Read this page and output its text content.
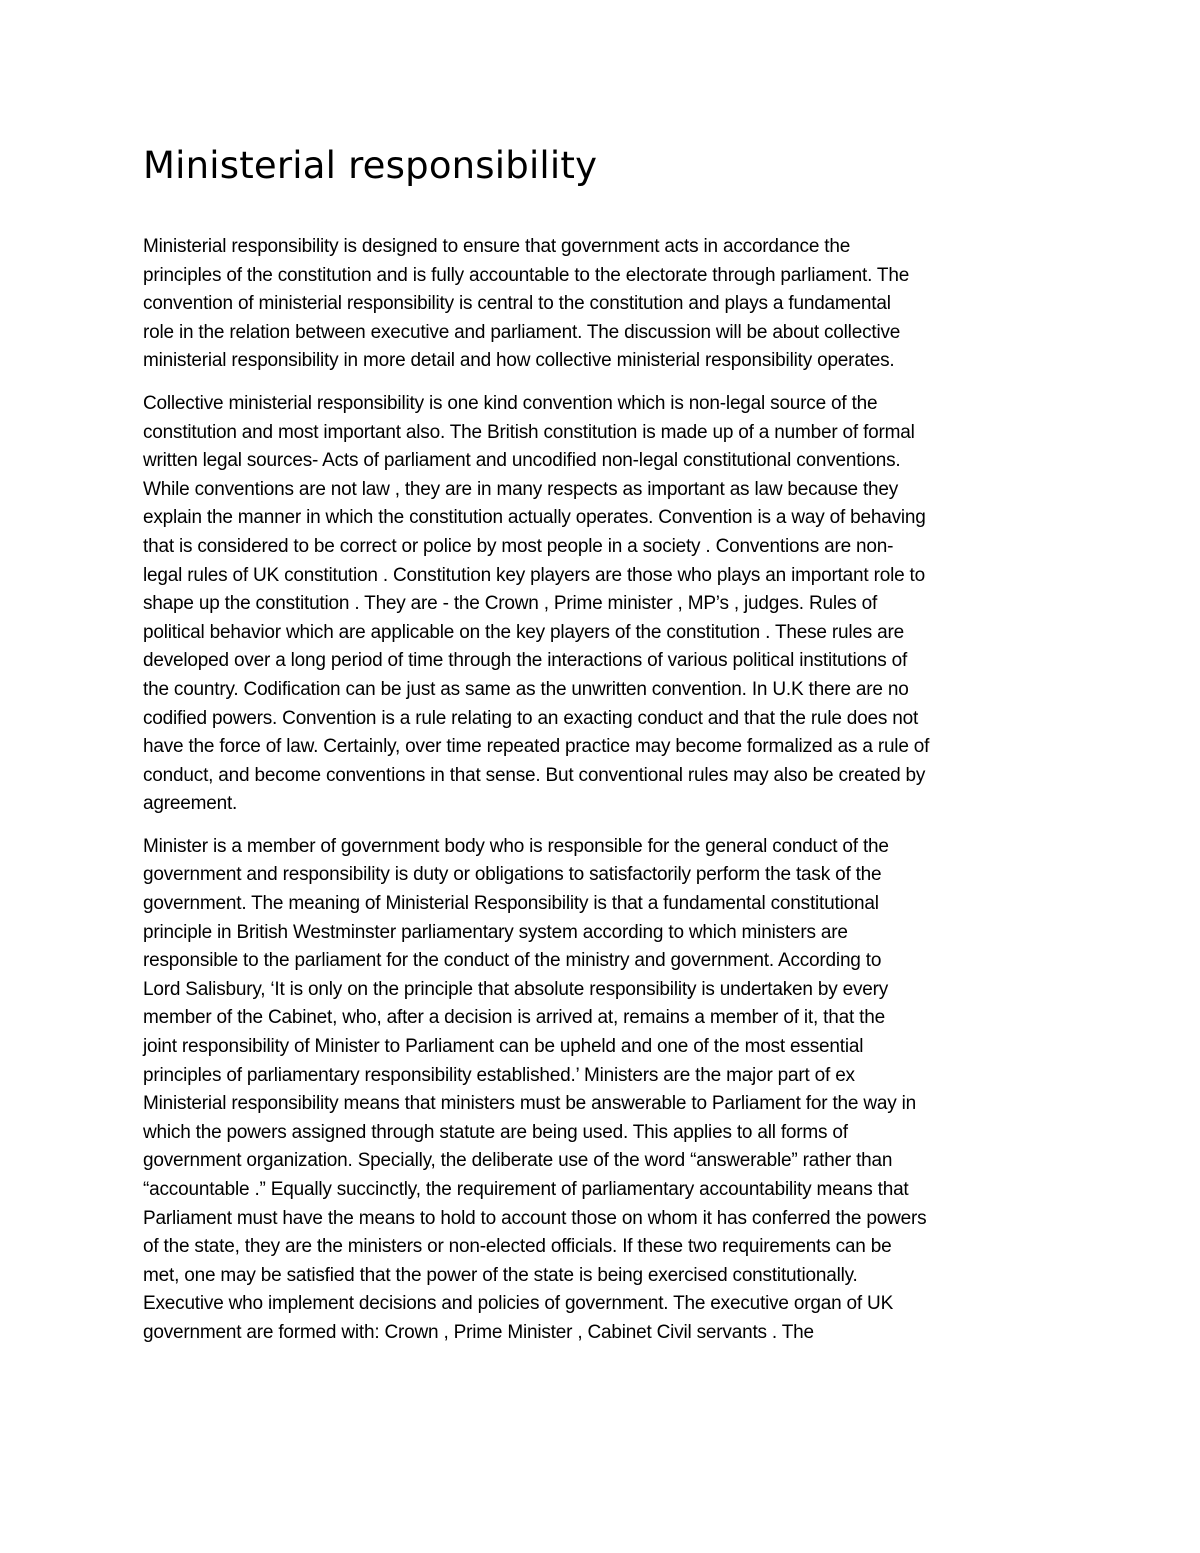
Ministerial responsibility

Ministerial responsibility is designed to ensure that government acts in accordance the
principles of the constitution and is fully accountable to the electorate through parliament. The
convention of ministerial responsibility is central to the constitution and plays a fundamental
role in the relation between executive and parliament. The discussion will be about collective
ministerial responsibility in more detail and how collective ministerial responsibility operates.

Collective ministerial responsibility is one kind convention which is non-legal source of the
constitution and most important also. The British constitution is made up of a number of formal
written legal sources- Acts of parliament and uncodified non-legal constitutional conventions.
While conventions are not law , they are in many respects as important as law because they
explain the manner in which the constitution actually operates. Convention is a way of behaving
that is considered to be correct or police by most people in a society . Conventions are non-
legal rules of UK constitution . Constitution key players are those who plays an important role to
shape up the constitution . They are - the Crown , Prime minister , MP’s , judges. Rules of
political behavior which are applicable on the key players of the constitution . These rules are
developed over a long period of time through the interactions of various political institutions of
the country. Codification can be just as same as the unwritten convention. In U.K there are no
codified powers. Convention is a rule relating to an exacting conduct and that the rule does not
have the force of law. Certainly, over time repeated practice may become formalized as a rule of
conduct, and become conventions in that sense. But conventional rules may also be created by
agreement.

Minister is a member of government body who is responsible for the general conduct of the
government and responsibility is duty or obligations to satisfactorily perform the task of the
government. The meaning of Ministerial Responsibility is that a fundamental constitutional
principle in British Westminster parliamentary system according to which ministers are
responsible to the parliament for the conduct of the ministry and government. According to
Lord Salisbury, ‘It is only on the principle that absolute responsibility is undertaken by every
member of the Cabinet, who, after a decision is arrived at, remains a member of it, that the
joint responsibility of Minister to Parliament can be upheld and one of the most essential
principles of parliamentary responsibility established.’ Ministers are the major part of ex
Ministerial responsibility means that ministers must be answerable to Parliament for the way in
which the powers assigned through statute are being used. This applies to all forms of
government organization. Specially, the deliberate use of the word “answerable” rather than
“accountable .” Equally succinctly, the requirement of parliamentary accountability means that
Parliament must have the means to hold to account those on whom it has conferred the powers
of the state, they are the ministers or non-elected officials. If these two requirements can be
met, one may be satisfied that the power of the state is being exercised constitutionally.
Executive who implement decisions and policies of government. The executive organ of UK
government are formed with: Crown , Prime Minister , Cabinet Civil servants . The
